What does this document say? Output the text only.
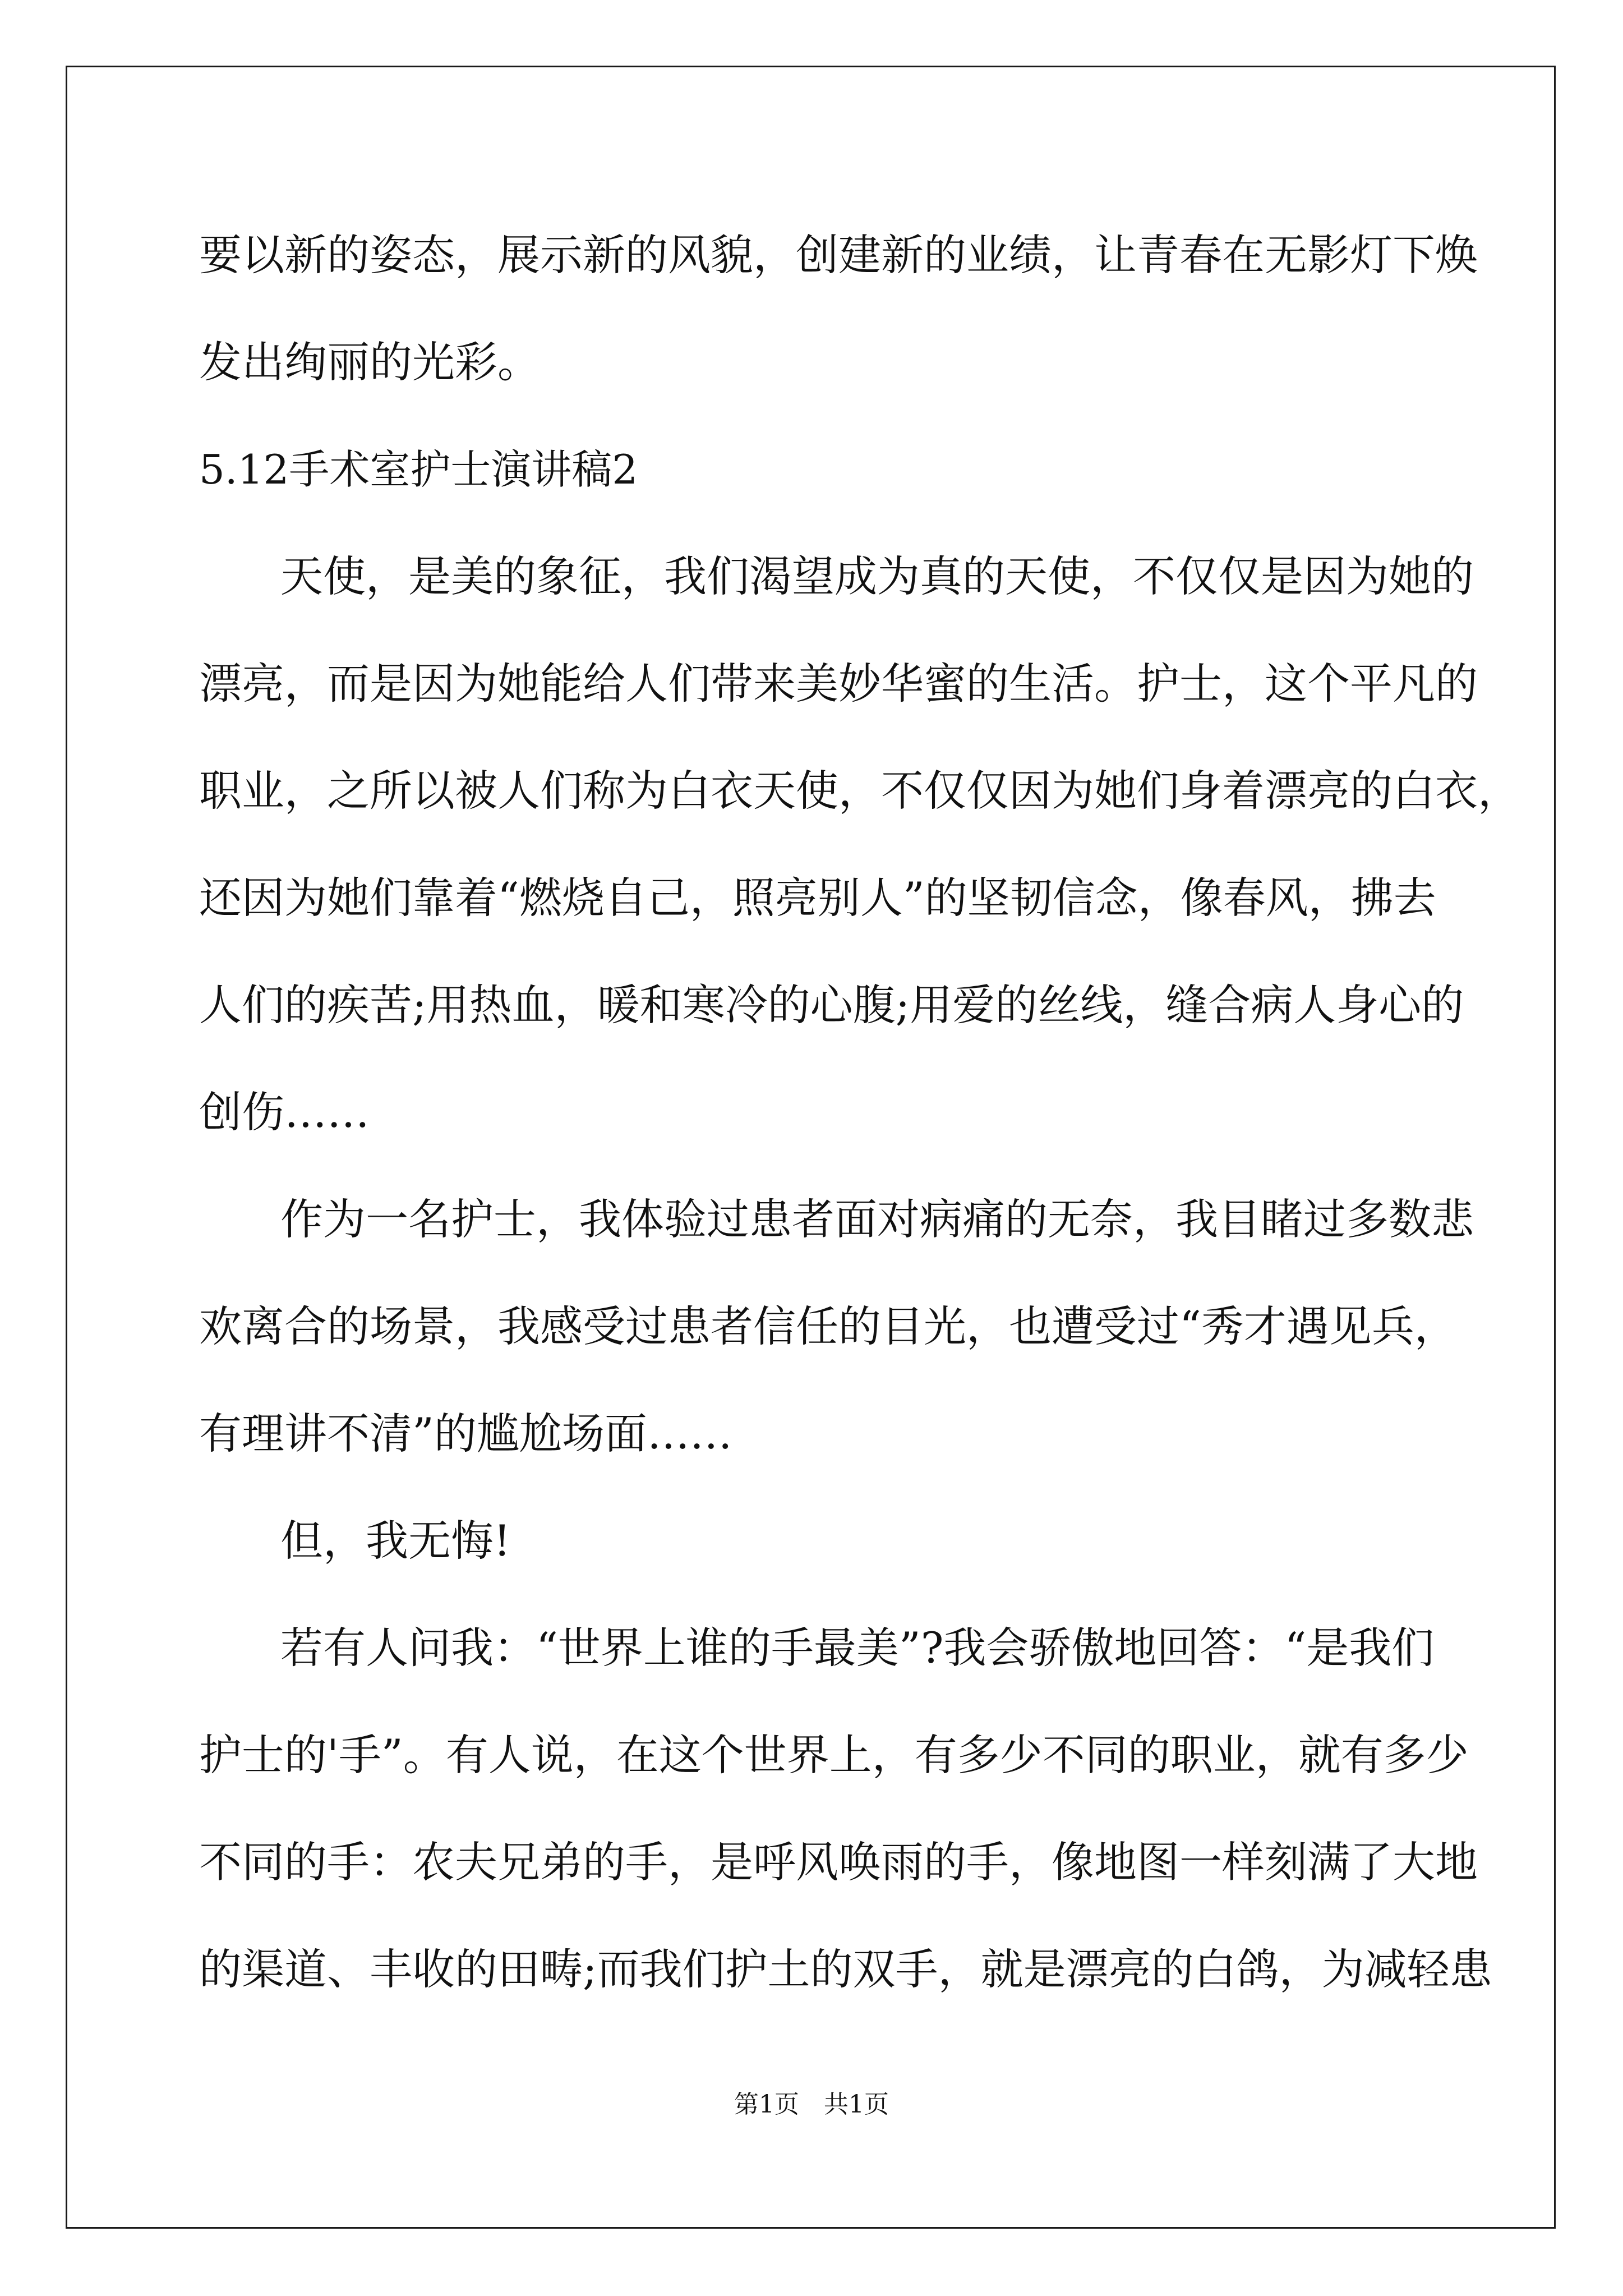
要以新的姿态，展示新的风貌，创建新的业绩，让青春在无影灯下焕
发出绚丽的光彩。
5.12手术室护士演讲稿2
天使，是美的象征，我们渴望成为真的天使，不仅仅是因为她的
漂亮，而是因为她能给人们带来美妙华蜜的生活。护士，这个平凡的
职业，之所以被人们称为白衣天使，不仅仅因为她们身着漂亮的白衣，
还因为她们靠着“燃烧自己，照亮别人”的坚韧信念，像春风，拂去
人们的疾苦;用热血，暖和寒冷的心腹;用爱的丝线，缝合病人身心的
创伤……
作为一名护士，我体验过患者面对病痛的无奈，我目睹过多数悲
欢离合的场景，我感受过患者信任的目光，也遭受过“秀才遇见兵，
有理讲不清”的尴尬场面……
但，我无悔!
若有人问我：“世界上谁的手最美”?我会骄傲地回答：“是我们
护士的'手”。有人说，在这个世界上，有多少不同的职业，就有多少
不同的手：农夫兄弟的手，是呼风唤雨的手，像地图一样刻满了大地
的渠道、丰收的田畴;而我们护土的双手，就是漂亮的白鸽，为减轻患
第1页　共1页
